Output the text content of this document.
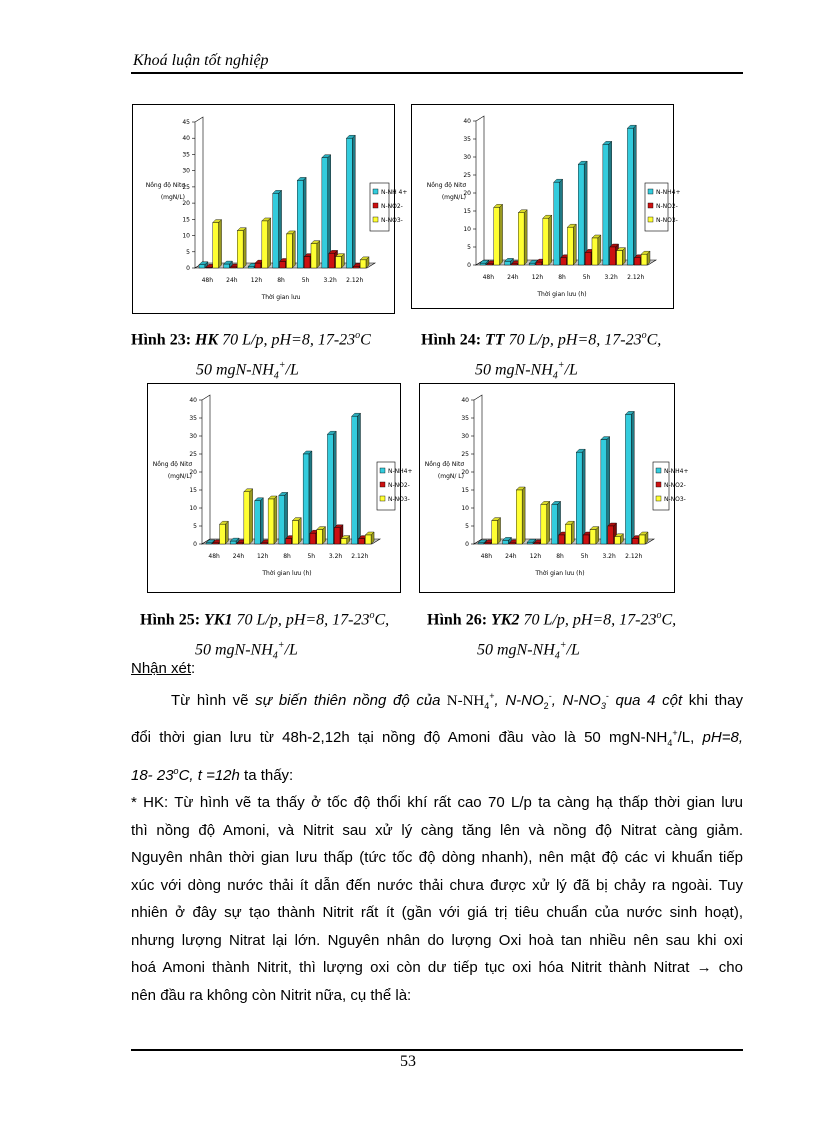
Khoá luận tốt nghiệp
0
5
10
15
20
25
30
35
40
45
Nồng độ Nitơ
(mgN/L)
48h 24h 12h	8h	5h 3.2h 2.12h
Thời gian lưu
N-NH 4+
N-NO2-
N-NO3-
0
5
10
15
20
25
30
35
40
Nồng độ Nitơ
(mgN/L)
48h 24h 12h	8h	5h 3.2h 2.12h
Thời gian lưu (h)
N-NH4+
N-NO2-
N-NO3-
0
5
10
15
20
25
30
35
40
Nồng độ Nitơ
(mgN/L)
48h 24h 12h 8h	5h 3.2h 2.12h
Thời gian lưu (h)
N-NH4+
N-NO2-
N-NO3-
0
5
10
15
20
25
30
35
40
Nồng độ Nitơ
(mgN/ L)
48h 24h 12h	8h	5h 3.2h 2.12h
Thời gian lưu (h)
N-NH4+
N-NO2-
N-NO3-
Hình 23: HK 70 L/p, pH=8, 17-23$^o$C
50 mgN-$NH_4^+/L$
Hình 24: TT 70 L/p, pH=8, 17-23$^o$C,
50 mgN-$NH_4^+/L$
Hình 25: YK1 70 L/p, pH=8, 17-23$^o$C,
50 mgN-$NH_4^+/L$
Hình 26: YK2 70 L/p, pH=8, 17-23$^o$C,
50 mgN-$NH_4^+/L$
Nhận xét:
Từ hình vẽ sự biến thiên nồng độ của $N-NH_4^+$, $N-NO_2^-$, $N-NO_3^-$ qua 4 cột khi thay
đổi thời gian lưu từ 48h-2,12h tại nồng độ Amoni đầu vào là 50 mgN-$NH_4^+/L$, pH=8,
18- 23$^o$C, t =12h ta thấy:
* HK: Từ hình vẽ ta thấy ở tốc độ thổi khí rất cao 70 L/p ta càng hạ thấp thời gian lưu
thì nồng độ Amoni, và Nitrit sau xử lý càng tăng lên và nồng độ Nitrat càng giảm.
Nguyên nhân thời gian lưu thấp (tức tốc độ dòng nhanh), nên mật độ các vi khuẩn tiếp
xúc với dòng nước thải ít dẫn đến nước thải chưa được xử lý đã bị chảy ra ngoài. Tuy
nhiên ở đây sự tạo thành Nitrit rất ít (gần với giá trị tiêu chuẩn của nước sinh hoạt),
nhưng lượng Nitrat lại lớn. Nguyên nhân do lượng Oxi hoà tan nhiều nên sau khi oxi
hoá Amoni thành Nitrit, thì lượng oxi còn dư tiếp tục oxi hóa Nitrit thành Nitrat → cho
nên đầu ra không còn Nitrit nữa, cụ thể là:
53
